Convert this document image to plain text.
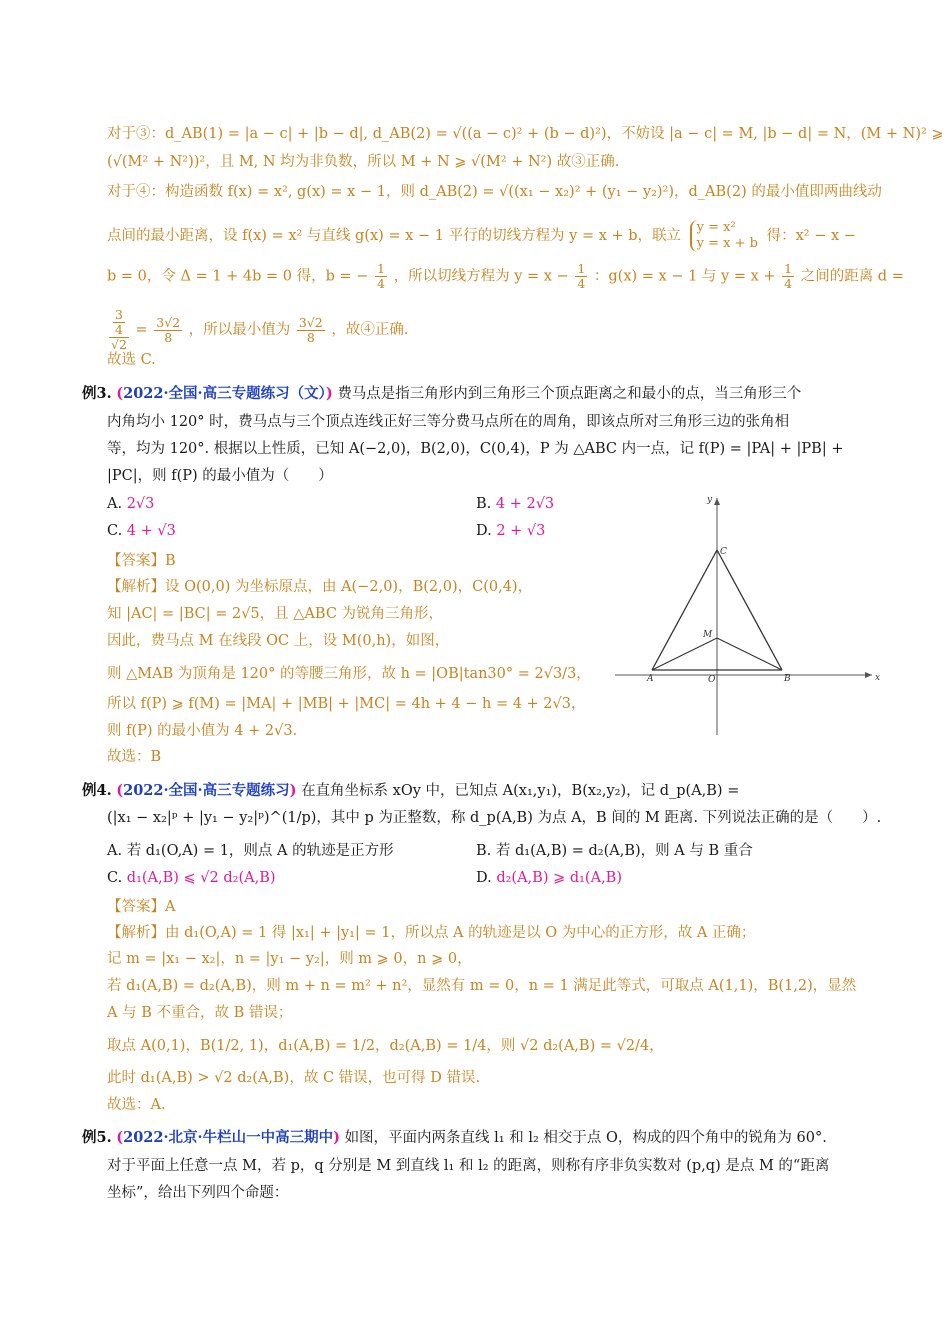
对于③：d_AB(1) = |a − c| + |b − d|, d_AB(2) = √((a − c)² + (b − d)²)，不妨设 |a − c| = M, |b − d| = N，(M + N)² ⩾
(√(M² + N²))²，且 M, N 均为非负数，所以 M + N ⩾ √(M² + N²) 故③正确.
对于④：构造函数 f(x) = x², g(x) = x − 1，则 d_AB(2) = √((x₁ − x₂)² + (y₁ − y₂)²)，d_AB(2) 的最小值即两曲线动
点间的最小距离，设 f(x) = x² 与直线 g(x) = x − 1 平行的切线方程为 y = x + b，联立
y = x²
y = x + b 得：x² − x −
b = 0，令 Δ = 1 + 4b = 0 得，b = − $\frac{1}{4}$ ，所以切线方程为 $y = x - \frac{1}{4}$ ：g(x) = x − 1 与 $y = x + \frac{1}{4}$ 之间的距离 d =
$\frac{\frac{3}{4}}{√2} = \frac{3√2}{8}$ ，所以最小值为 $\frac{3√2}{8}$ ，故④正确.
故选 C.
例3. (2022·全国·高三专题练习（文）) 费马点是指三角形内到三角形三个顶点距离之和最小的点，当三角形三个
内角均小 120° 时，费马点与三个顶点连线正好三等分费马点所在的周角，即该点所对三角形三边的张角相
等，均为 120°. 根据以上性质，已知 A(−2,0)，B(2,0)，C(0,4)，P 为 △ABC 内一点，记 f(P) = |PA| + |PB| +
|PC|，则 f(P) 的最小值为（　　）
A. 2√3	B. 4 + 2√3
C. 4 + √3	D. 2 + √3
【答案】B
【解析】设 O(0,0) 为坐标原点，由 A(−2,0)，B(2,0)，C(0,4)，
知 |AC| = |BC| = 2√5，且 △ABC 为锐角三角形，
因此，费马点 M 在线段 OC 上，设 M(0,h)，如图，
则 △MAB 为顶角是 120° 的等腰三角形，故 h = |OB|tan30° = 2√3/3，
所以 f(P) ⩾ f(M) = |MA| + |MB| + |MC| = 4h + 4 − h = 4 + 2√3，
则 f(P) 的最小值为 4 + 2√3.
故选：B
x
y
A	B
C
M
O
例4. (2022·全国·高三专题练习) 在直角坐标系 xOy 中，已知点 A(x₁,y₁)，B(x₂,y₂)，记 d_p(A,B) =
(|x₁ − x₂|ᵖ + |y₁ − y₂|ᵖ)^(1/p)，其中 p 为正整数，称 d_p(A,B) 为点 A，B 间的 M 距离. 下列说法正确的是（　　）.
A. 若 d₁(O,A) = 1，则点 A 的轨迹是正方形	B. 若 d₁(A,B) = d₂(A,B)，则 A 与 B 重合
C. d₁(A,B) ⩽ √2 d₂(A,B)	D. d₂(A,B) ⩾ d₁(A,B)
【答案】A
【解析】由 d₁(O,A) = 1 得 |x₁| + |y₁| = 1，所以点 A 的轨迹是以 O 为中心的正方形，故 A 正确；
记 m = |x₁ − x₂|，n = |y₁ − y₂|，则 m ⩾ 0，n ⩾ 0，
若 d₁(A,B) = d₂(A,B)，则 m + n = m² + n²，显然有 m = 0，n = 1 满足此等式，可取点 A(1,1)，B(1,2)，显然
A 与 B 不重合，故 B 错误；
取点 A(0,1)，B(1/2, 1)，d₁(A,B) = 1/2，d₂(A,B) = 1/4，则 √2 d₂(A,B) = √2/4，
此时 d₁(A,B) > √2 d₂(A,B)，故 C 错误，也可得 D 错误.
故选：A.
例5. (2022·北京·牛栏山一中高三期中) 如图，平面内两条直线 l₁ 和 l₂ 相交于点 O，构成的四个角中的锐角为 60°.
对于平面上任意一点 M，若 p，q 分别是 M 到直线 l₁ 和 l₂ 的距离，则称有序非负实数对 (p,q) 是点 M 的“距离
坐标”，给出下列四个命题：
